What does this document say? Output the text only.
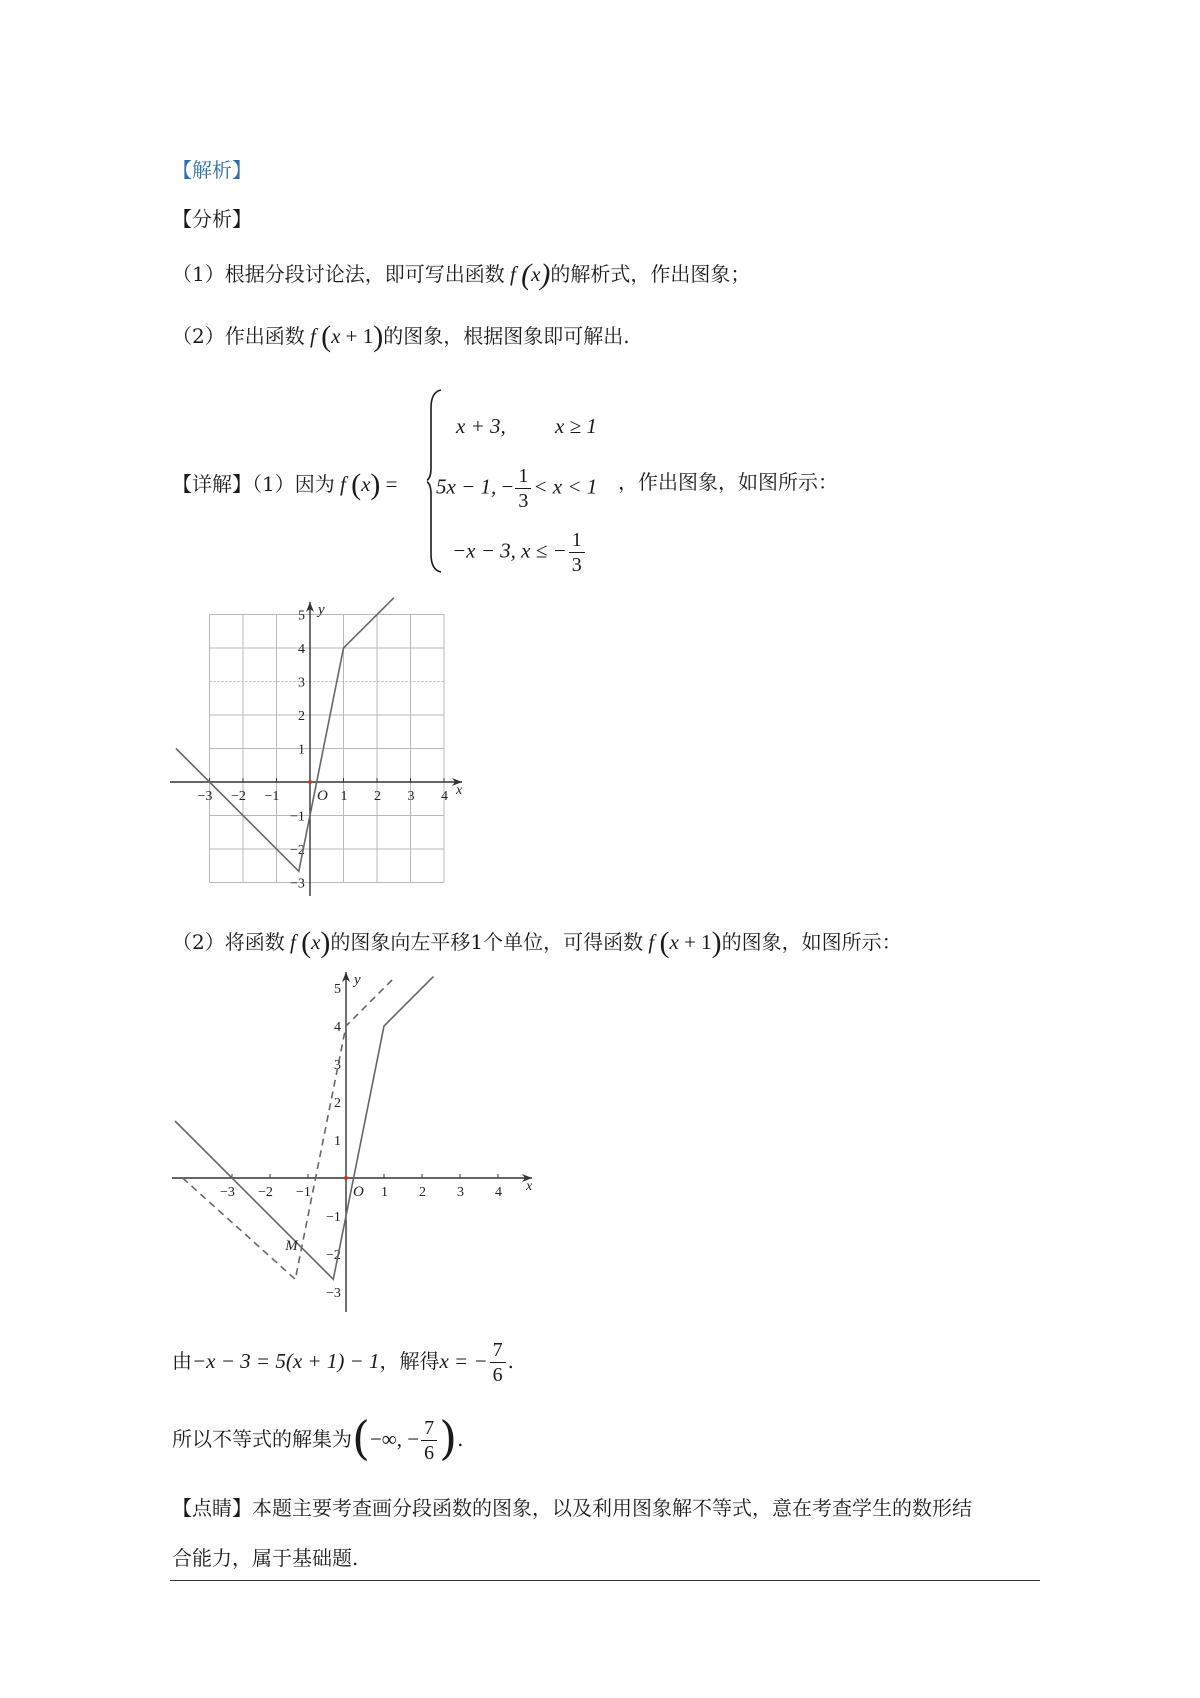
【解析】
【分析】
（1）根据分段讨论法，即可写出函数 f (x)的解析式，作出图象；
（2）作出函数 f (x + 1)的图象，根据图象即可解出.
【详解】（1）因为 f (x) =
x + 3, x ≥ 1
5x − 1, − $\frac{1}{3} < x < 1$ ，作出图象，如图所示：
−x − 3, x ≤ − $\frac{1}{3}$
−3 −2 −1	1 2 3 4
−3
−2
−1
1
2
3
4
5
O
y
x
（2）将函数 f (x)的图象向左平移1个单位，可得函数 f (x + 1)的图象，如图所示：
−3 −2 −1	1 2 3 4
−3
−2
−1
1
2
3
4
5
O
y
x
M
由−x − 3 = 5(x + 1) − 1，解得x = − $\frac{7}{6}$ .
所以不等式的解集为(−∞, − $\frac{7}{6}$ ).
【点睛】本题主要考查画分段函数的图象，以及利用图象解不等式，意在考查学生的数形结
合能力，属于基础题.
